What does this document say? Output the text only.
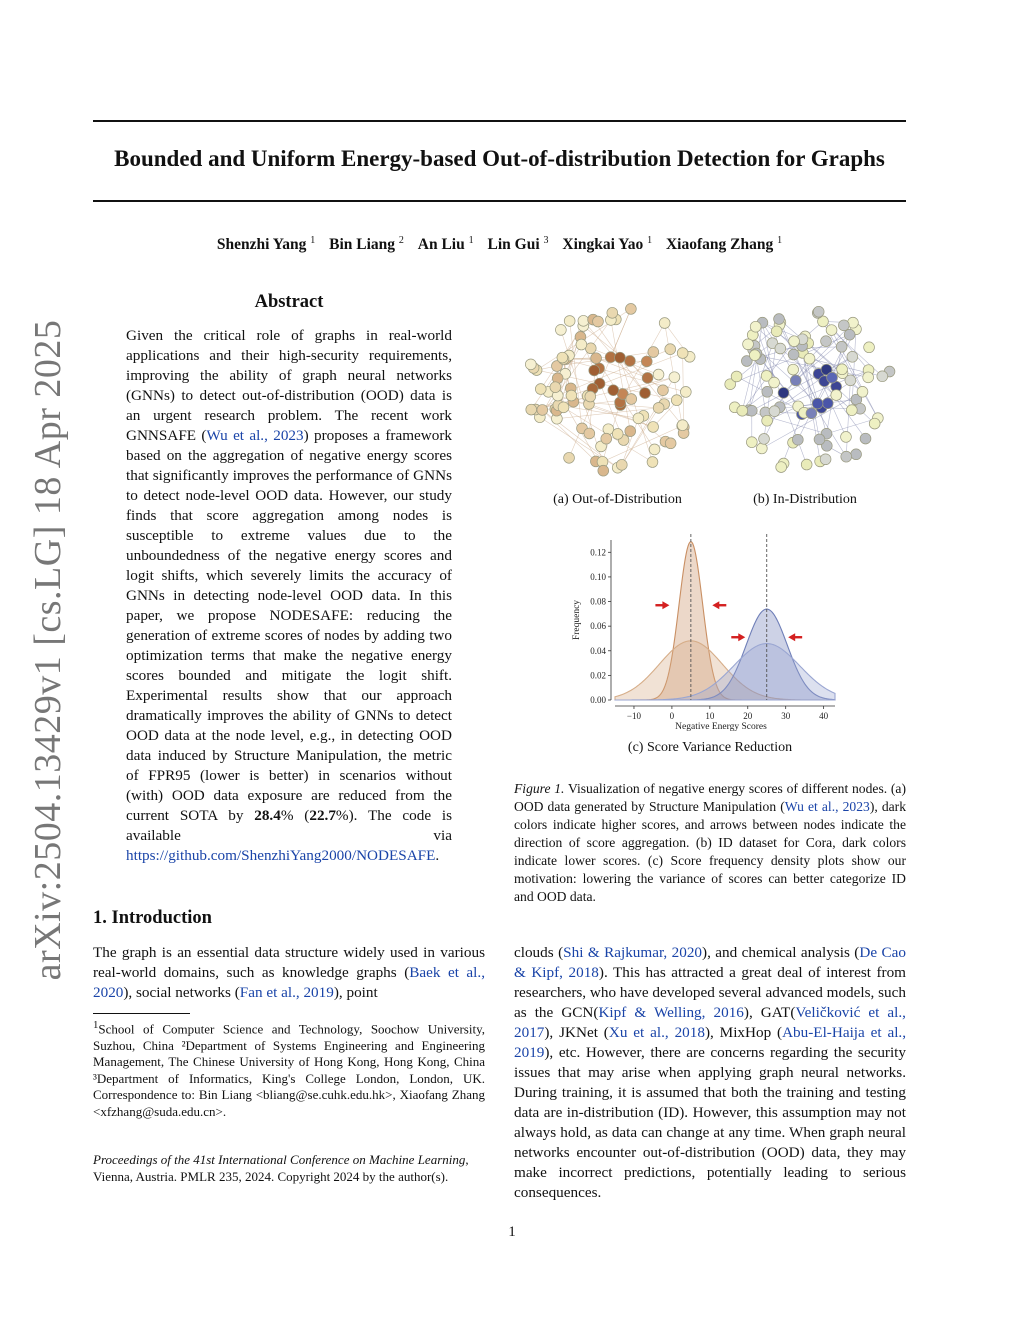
arXiv:2504.13429v1 [cs.LG] 18 Apr 2025
Bounded and Uniform Energy-based Out-of-distribution Detection for Graphs
Shenzhi Yang $^1$ Bin Liang $^2$ An Liu $^1$ Lin Gui $^3$ Xingkai Yao $^1$ Xiaofang Zhang $^1$
Abstract
Given the critical role of graphs in real-world applications and their high-security requirements, improving the ability of graph neural networks (GNNs) to detect out-of-distribution (OOD) data is an urgent research problem. The recent work GNNSAFE (Wu et al., 2023) proposes a framework based on the aggregation of negative energy scores that significantly improves the performance of GNNs to detect node-level OOD data. However, our study finds that score aggregation among nodes is susceptible to extreme values due to the unboundedness of the negative energy scores and logit shifts, which severely limits the accuracy of GNNs in detecting node-level OOD data. In this paper, we propose NODESAFE: reducing the generation of extreme scores of nodes by adding two optimization terms that make the negative energy scores bounded and mitigate the logit shift. Experimental results show that our approach dramatically improves the ability of GNNs to detect OOD data at the node level, e.g., in detecting OOD data induced by Structure Manipulation, the metric of FPR95 (lower is better) in scenarios without (with) OOD data exposure are reduced from the current SOTA by 28.4% (22.7%). The code is available via https://github.com/ShenzhiYang2000/NODESAFE.
(a) Out-of-Distribution	(b) In-Distribution
0.00
0.02
0.04
0.06
0.08
0.10
0.12
−10	0	10	20	30	40
Negative Energy Scores
Frequency
(c) Score Variance Reduction
Figure 1. Visualization of negative energy scores of different nodes. (a) OOD data generated by Structure Manipulation (Wu et al., 2023), dark colors indicate higher scores, and arrows between nodes indicate the direction of score aggregation. (b) ID dataset for Cora, dark colors indicate lower scores. (c) Score frequency density plots show our motivation: lowering the variance of scores can better categorize ID and OOD data.
1. Introduction
The graph is an essential data structure widely used in various real-world domains, such as knowledge graphs (Baek et al., 2020), social networks (Fan et al., 2019), point
clouds (Shi & Rajkumar, 2020), and chemical analysis (De Cao & Kipf, 2018). This has attracted a great deal of interest from researchers, who have developed several advanced models, such as the GCN(Kipf & Welling, 2016), GAT(Veličković et al., 2017), JKNet (Xu et al., 2018), MixHop (Abu-El-Haija et al., 2019), etc. However, there are concerns regarding the security issues that may arise when applying graph neural networks. During training, it is assumed that both the training and testing data are in-distribution (ID). However, this assumption may not always hold, as data can change at any time. When graph neural networks encounter out-of-distribution (OOD) data, they may make incorrect predictions, potentially leading to serious consequences.
$^1$School of Computer Science and Technology, Soochow University, Suzhou, China ²Department of Systems Engineering and Engineering Management, The Chinese University of Hong Kong, Hong Kong, China ³Department of Informatics, King's College London, London, UK. Correspondence to: Bin Liang <bliang@se.cuhk.edu.hk>, Xiaofang Zhang <xfzhang@suda.edu.cn>.
Proceedings of the 41st International Conference on Machine Learning, Vienna, Austria. PMLR 235, 2024. Copyright 2024 by the author(s).
1
